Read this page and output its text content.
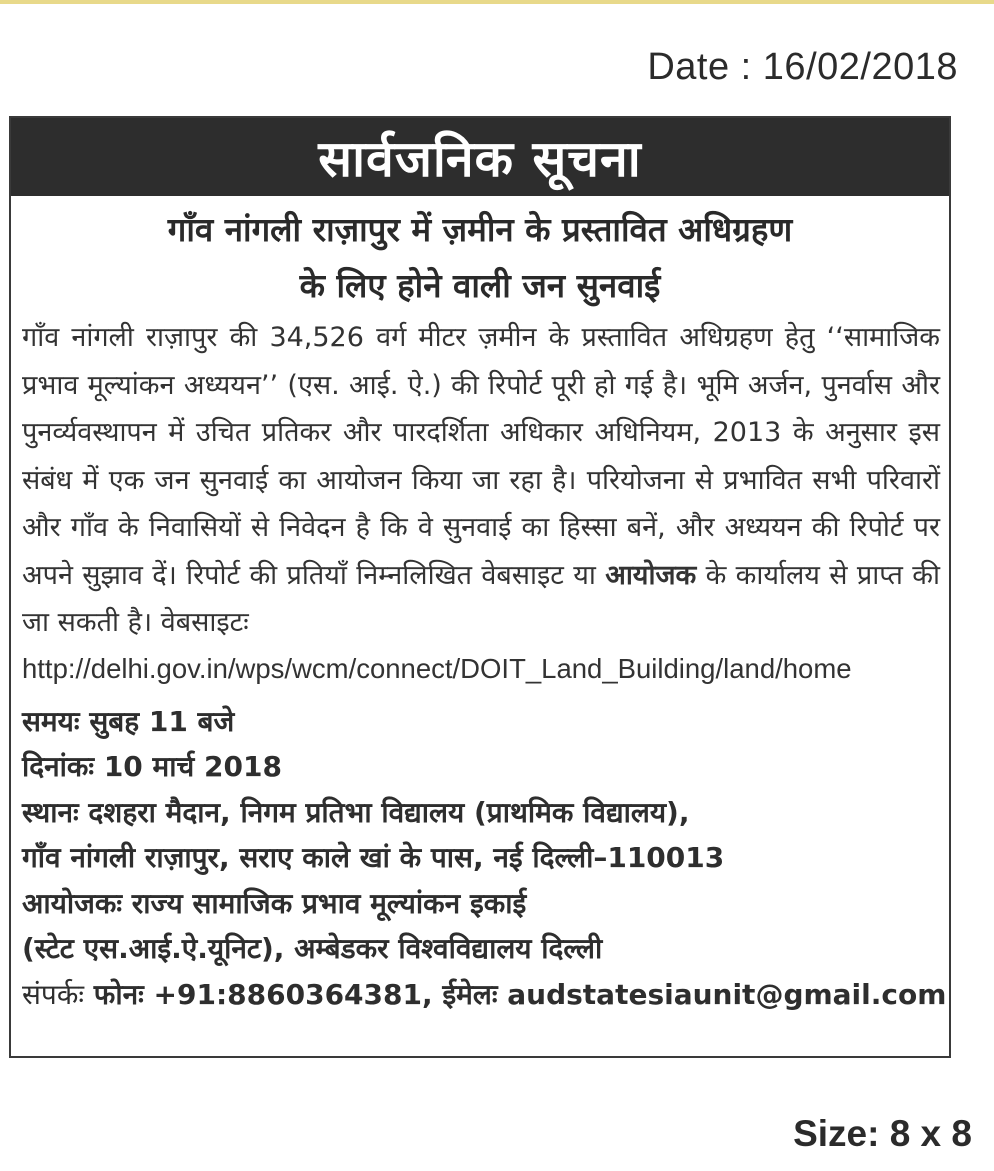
Date : 16/02/2018
सार्वजनिक सूचना
गाँव नांगली राज़ापुर में ज़मीन के प्रस्तावित अधिग्रहण
के लिए होने वाली जन सुनवाई

गाँव नांगली राज़ापुर की 34,526 वर्ग मीटर ज़मीन के प्रस्तावित अधिग्रहण हेतु ‘‘सामाजिक प्रभाव मूल्यांकन अध्ययन’’ (एस. आई. ऐ.) की रिपोर्ट पूरी हो गई है। भूमि अर्जन, पुनर्वास और पुनर्व्यवस्थापन में उचित प्रतिकर और पारदर्शिता अधिकार अधिनियम, 2013 के अनुसार इस संबंध में एक जन सुनवाई का आयोजन किया जा रहा है। परियोजना से प्रभावित सभी परिवारों और गाँव के निवासियों से निवेदन है कि वे सुनवाई का हिस्सा बनें, और अध्ययन की रिपोर्ट पर अपने सुझाव दें। रिपोर्ट की प्रतियाँ निम्नलिखित वेबसाइट या आयोजक के कार्यालय से प्राप्त की जा सकती है। वेबसाइटः

http://delhi.gov.in/wps/wcm/connect/DOIT_Land_Building/land/home
समयः सुबह 11 बजे
दिनांकः 10 मार्च 2018
स्थानः दशहरा मैदान, निगम प्रतिभा विद्यालय (प्राथमिक विद्यालय),
गाँव नांगली राज़ापुर, सराए काले खां के पास, नई दिल्ली–110013
आयोजकः राज्य सामाजिक प्रभाव मूल्यांकन इकाई
(स्टेट एस.आई.ऐ.यूनिट), अम्बेडकर विश्वविद्यालय दिल्ली
संपर्कः फोनः +91:8860364381, ईमेलः audstatesiaunit@gmail.com
Size: 8 x 8
